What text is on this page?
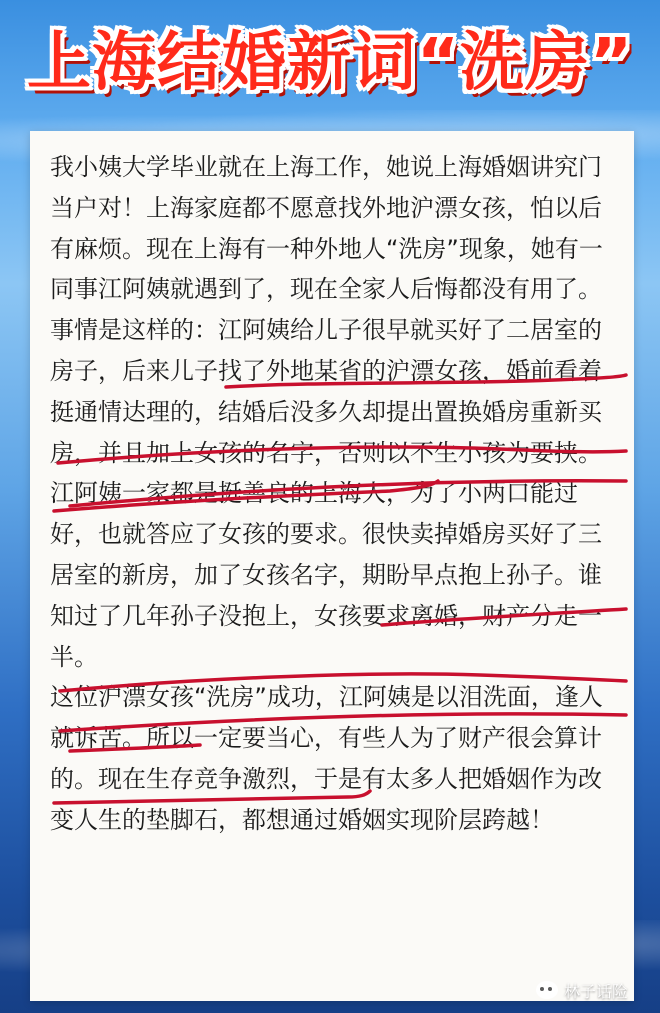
上海结婚新词“洗房”

我小姨大学毕业就在上海工作，她说上海婚姻讲究门当户对！上海家庭都不愿意找外地沪漂女孩，怕以后有麻烦。现在上海有一种外地人“洗房”现象，她有一同事江阿姨就遇到了，现在全家人后悔都没有用了。

事情是这样的：江阿姨给儿子很早就买好了二居室的房子，后来儿子找了外地某省的沪漂女孩，婚前看着挺通情达理的，结婚后没多久却提出置换婚房重新买房，并且加上女孩的名字，否则以不生小孩为要挟。

江阿姨一家都是挺善良的上海人，为了小两口能过好，也就答应了女孩的要求。很快卖掉婚房买好了三居室的新房，加了女孩名字，期盼早点抱上孙子。谁知过了几年孙子没抱上，女孩要求离婚，财产分走一半。

这位沪漂女孩“洗房”成功，江阿姨是以泪洗面，逢人就诉苦。所以一定要当心，有些人为了财产很会算计的。现在生存竞争激烈，于是有太多人把婚姻作为改变人生的垫脚石，都想通过婚姻实现阶层跨越！

林子话险
